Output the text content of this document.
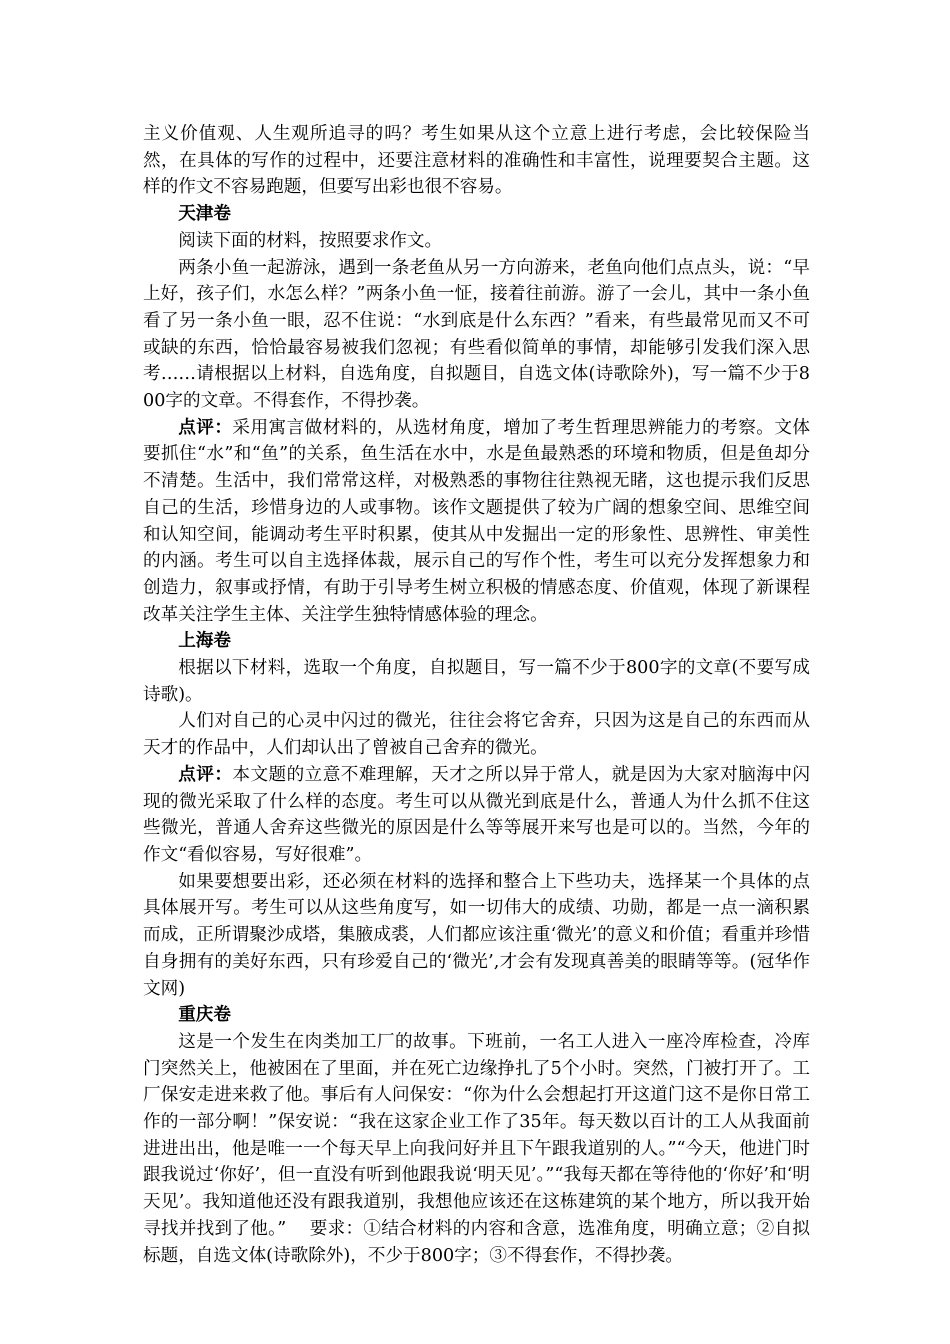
主义价值观、人生观所追寻的吗？考生如果从这个立意上进行考虑，会比较保险当然，在具体的写作的过程中，还要注意材料的准确性和丰富性，说理要契合主题。这样的作文不容易跑题，但要写出彩也很不容易。

天津卷

阅读下面的材料，按照要求作文。

两条小鱼一起游泳，遇到一条老鱼从另一方向游来，老鱼向他们点点头，说：“早上好，孩子们，水怎么样？”两条小鱼一怔，接着往前游。游了一会儿，其中一条小鱼看了另一条小鱼一眼，忍不住说：“水到底是什么东西？”看来，有些最常见而又不可或缺的东西，恰恰最容易被我们忽视；有些看似简单的事情，却能够引发我们深入思考……请根据以上材料，自选角度，自拟题目，自选文体(诗歌除外)，写一篇不少于800字的文章。不得套作，不得抄袭。

点评：采用寓言做材料的，从选材角度，增加了考生哲理思辨能力的考察。文体要抓住“水”和“鱼”的关系，鱼生活在水中，水是鱼最熟悉的环境和物质，但是鱼却分不清楚。生活中，我们常常这样，对极熟悉的事物往往熟视无睹，这也提示我们反思自己的生活，珍惜身边的人或事物。该作文题提供了较为广阔的想象空间、思维空间和认知空间，能调动考生平时积累，使其从中发掘出一定的形象性、思辨性、审美性的内涵。考生可以自主选择体裁，展示自己的写作个性，考生可以充分发挥想象力和创造力，叙事或抒情，有助于引导考生树立积极的情感态度、价值观，体现了新课程改革关注学生主体、关注学生独特情感体验的理念。

上海卷

根据以下材料，选取一个角度，自拟题目，写一篇不少于800字的文章(不要写成诗歌)。

人们对自己的心灵中闪过的微光，往往会将它舍弃，只因为这是自己的东西而从天才的作品中，人们却认出了曾被自己舍弃的微光。

点评：本文题的立意不难理解，天才之所以异于常人，就是因为大家对脑海中闪现的微光采取了什么样的态度。考生可以从微光到底是什么，普通人为什么抓不住这些微光，普通人舍弃这些微光的原因是什么等等展开来写也是可以的。当然，今年的作文“看似容易，写好很难”。

如果要想要出彩，还必须在材料的选择和整合上下些功夫，选择某一个具体的点具体展开写。考生可以从这些角度写，如一切伟大的成绩、功勋，都是一点一滴积累而成，正所谓聚沙成塔，集腋成裘，人们都应该注重‘微光’的意义和价值；看重并珍惜自身拥有的美好东西，只有珍爱自己的‘微光’,才会有发现真善美的眼睛等等。(冠华作文网)

重庆卷

这是一个发生在肉类加工厂的故事。下班前，一名工人进入一座冷库检查，冷库门突然关上，他被困在了里面，并在死亡边缘挣扎了5个小时。突然，门被打开了。工厂保安走进来救了他。事后有人问保安：“你为什么会想起打开这道门这不是你日常工作的一部分啊！”保安说：“我在这家企业工作了35年。每天数以百计的工人从我面前进进出出，他是唯一一个每天早上向我问好并且下午跟我道别的人。”“今天，他进门时跟我说过‘你好’，但一直没有听到他跟我说‘明天见’。”“我每天都在等待他的‘你好’和‘明天见’。我知道他还没有跟我道别，我想他应该还在这栋建筑的某个地方，所以我开始寻找并找到了他。”    要求：①结合材料的内容和含意，选准角度，明确立意；②自拟标题，自选文体(诗歌除外)，不少于800字；③不得套作，不得抄袭。
